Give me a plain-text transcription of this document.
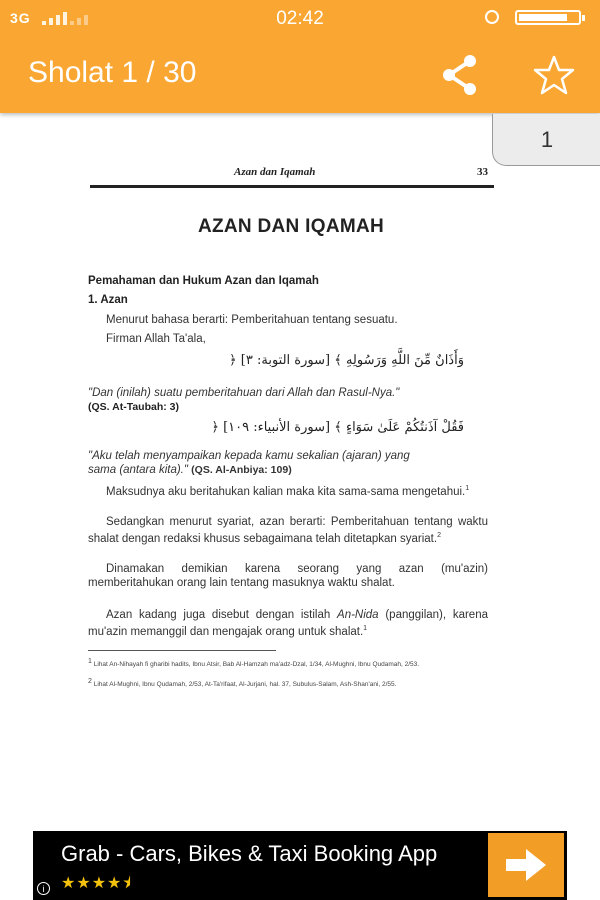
3G	02:42
Sholat 1 / 30
1
Azan dan Iqamah	33
AZAN DAN IQAMAH
Pemahaman dan Hukum Azan dan Iqamah
1. Azan
Menurut bahasa berarti: Pemberitahuan tentang sesuatu.
Firman Allah Ta'ala,
﴿ وَأَذَانٌ مِّنَ اللَّهِ وَرَسُولِهِ ﴾ [سورة التوبة: ٣]
"Dan (inilah) suatu pemberitahuan dari Allah dan Rasul-Nya."
(QS. At-Taubah: 3)
﴿ فَقُلْ آذَنتُكُمْ عَلَىٰ سَوَاءٍ ﴾ [سورة الأنبياء: ١٠٩]
"Aku telah menyampaikan kepada kamu sekalian (ajaran) yang
sama (antara kita)." (QS. Al-Anbiya: 109)
Maksudnya aku beritahukan kalian maka kita sama-sama mengetahui.$^1$
Sedangkan menurut syariat, azan berarti: Pemberitahuan tentang waktu shalat dengan redaksi khusus sebagaimana telah ditetapkan syariat.$^2$
Dinamakan demikian karena seorang yang azan (mu'azin) memberitahukan orang lain tentang masuknya waktu shalat.
Azan kadang juga disebut dengan istilah An-Nida (panggilan), karena mu'azin memanggil dan mengajak orang untuk shalat.$^1$
$^1$ Lihat An-Nihayah fi gharibi hadits, Ibnu Atsir, Bab Al-Hamzah ma'adz-Dzal, 1/34, Al-Mughni, Ibnu Qudamah, 2/53.
$^2$ Lihat Al-Mughni, Ibnu Qudamah, 2/53, At-Ta'rifaat, Al-Jurjani, hal. 37, Subulus-Salam, Ash-Shan'ani, 2/55.
Grab - Cars, Bikes & Taxi Booking App
★★★★⯨
i
